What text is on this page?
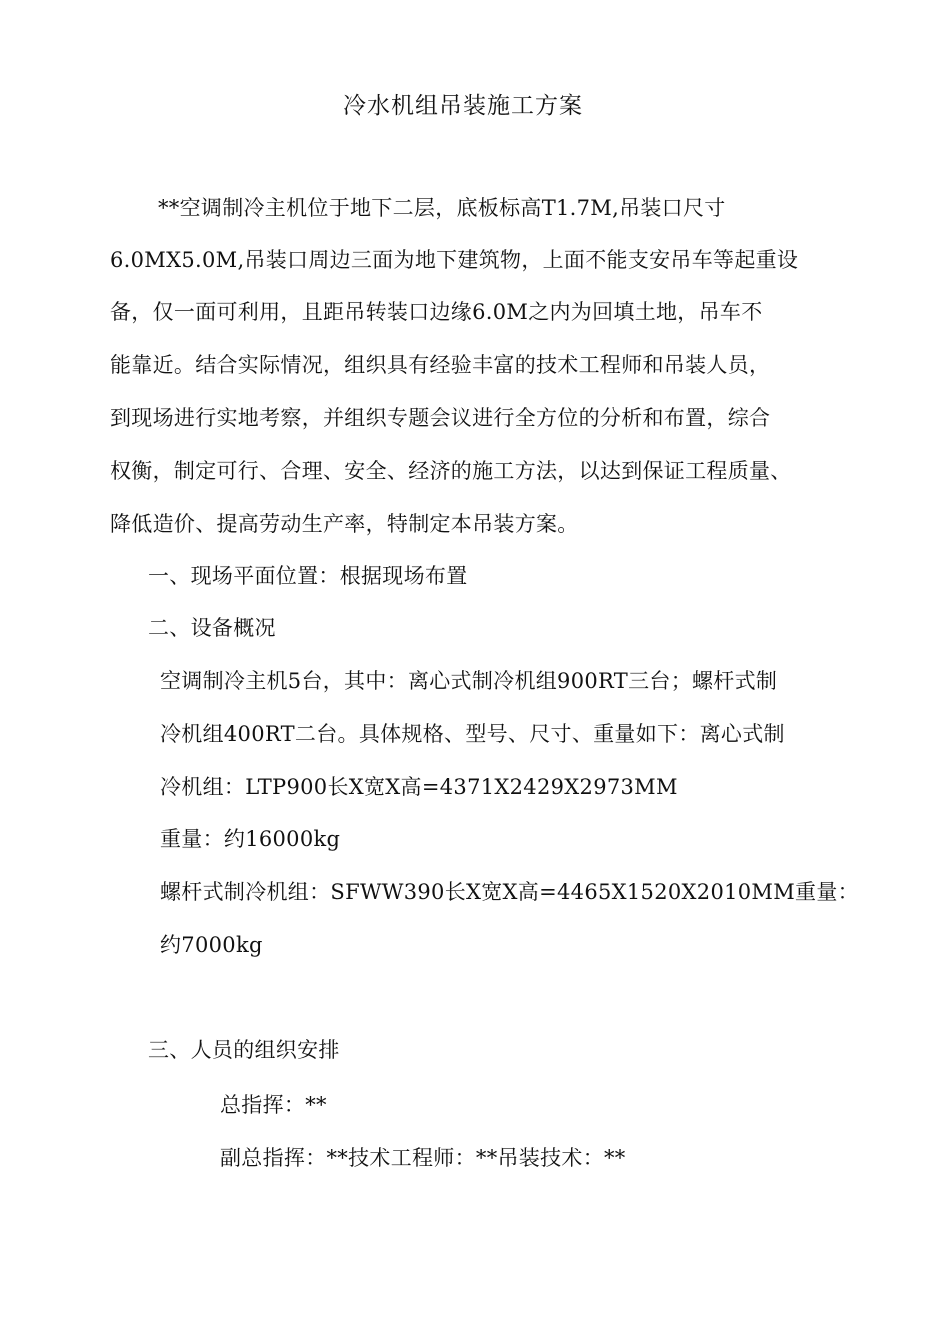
冷水机组吊装施工方案

**空调制冷主机位于地下二层，底板标高T1.7M,吊装口尺寸

6.0MX5.0M,吊装口周边三面为地下建筑物，上面不能支安吊车等起重设

备，仅一面可利用，且距吊转装口边缘6.0M之内为回填土地，吊车不

能靠近。结合实际情况，组织具有经验丰富的技术工程师和吊装人员，

到现场进行实地考察，并组织专题会议进行全方位的分析和布置，综合

权衡，制定可行、合理、安全、经济的施工方法，以达到保证工程质量、

降低造价、提高劳动生产率，特制定本吊装方案。

一、现场平面位置：根据现场布置

二、设备概况

空调制冷主机5台，其中：离心式制冷机组900RT三台；螺杆式制

冷机组400RT二台。具体规格、型号、尺寸、重量如下：离心式制

冷机组：LTP900长X宽X高=4371X2429X2973MM

重量：约16000kg

螺杆式制冷机组：SFWW390长X宽X高=4465X1520X2010MM重量：

约7000kg

三、人员的组织安排

总指挥：**

副总指挥：**技术工程师：**吊装技术：**
